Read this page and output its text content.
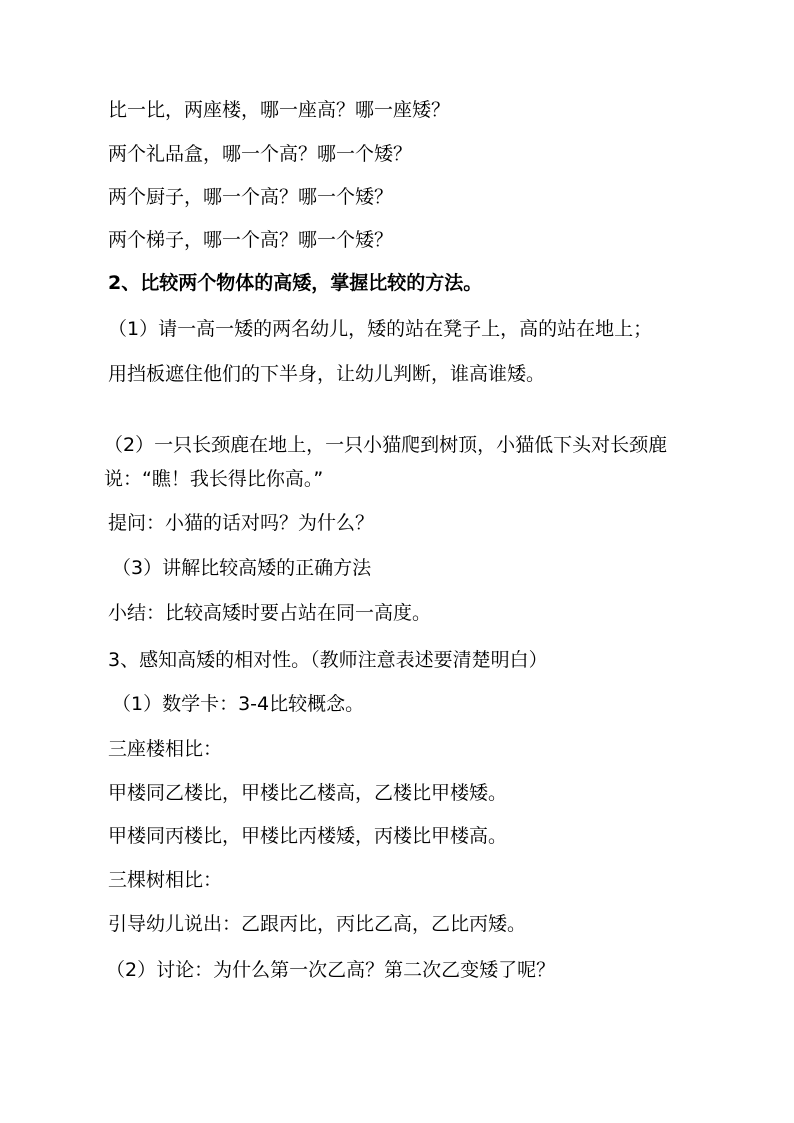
比一比，两座楼，哪一座高？哪一座矮？
两个礼品盒，哪一个高？哪一个矮？
两个厨子，哪一个高？哪一个矮？
两个梯子，哪一个高？哪一个矮？
2、比较两个物体的高矮，掌握比较的方法。
（1）请一高一矮的两名幼儿，矮的站在凳子上，高的站在地上；
用挡板遮住他们的下半身，让幼儿判断，谁高谁矮。
（2）一只长颈鹿在地上，一只小猫爬到树顶，小猫低下头对长颈鹿
说：“瞧！我长得比你高。”
提问：小猫的话对吗？为什么？
（3）讲解比较高矮的正确方法
小结：比较高矮时要占站在同一高度。
3、感知高矮的相对性。（教师注意表述要清楚明白）
（1）数学卡：3-4比较概念。
三座楼相比：
甲楼同乙楼比，甲楼比乙楼高，乙楼比甲楼矮。
甲楼同丙楼比，甲楼比丙楼矮，丙楼比甲楼高。
三棵树相比：
引导幼儿说出：乙跟丙比，丙比乙高，乙比丙矮。
（2）讨论：为什么第一次乙高？第二次乙变矮了呢？
